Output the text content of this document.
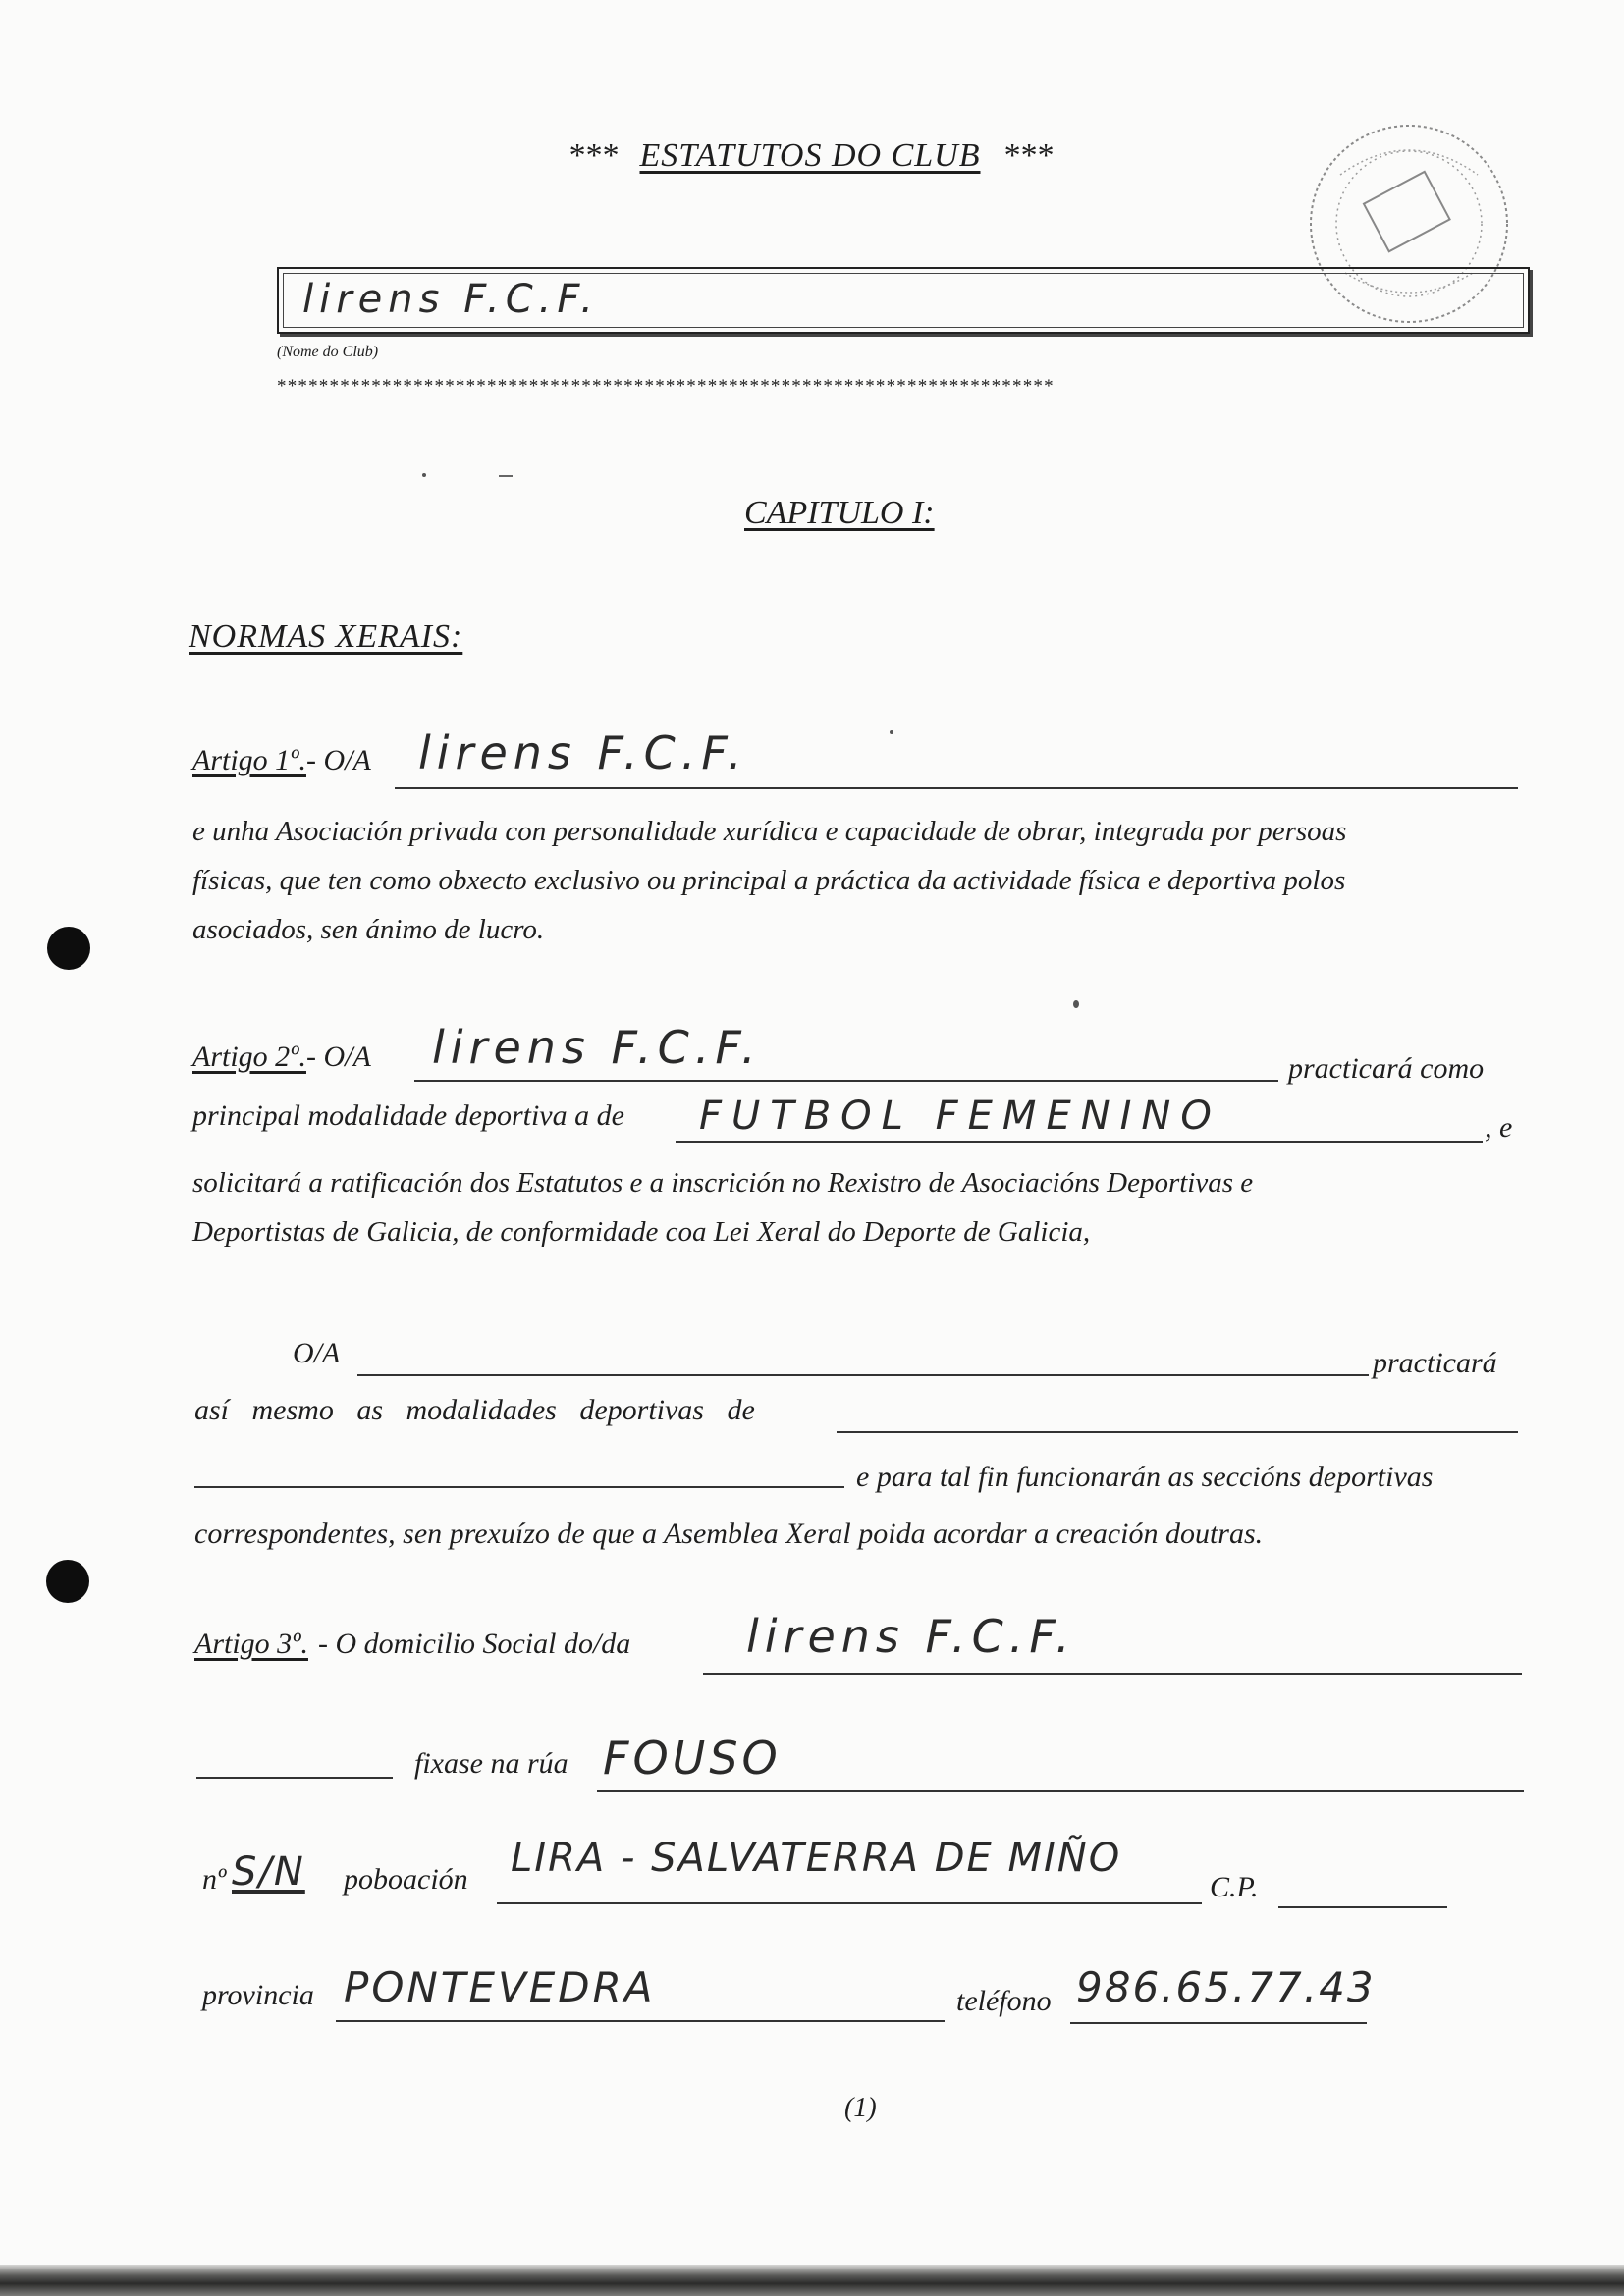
*** ESTATUTOS DO CLUB ***
lirens F.C.F.
(Nome do Club)
**************************************************************************
CAPITULO I:
NORMAS XERAIS:
Artigo 1º.- O/A lirens F.C.F.
e unha Asociación privada con personalidade xurídica e capacidade de obrar, integrada por persoas
físicas, que ten como obxecto exclusivo ou principal a práctica da actividade física e deportiva polos
asociados, sen ánimo de lucro.
Artigo 2º.- O/A lirens F.C.F.	practicará como
principal modalidade deportiva a de FUTBOL FEMENINO	, e
solicitará a ratificación dos Estatutos e a inscrición no Rexistro de Asociacións Deportivas e
Deportistas de Galicia, de conformidade coa Lei Xeral do Deporte de Galicia,
O/A	practicará
así mesmo as modalidades deportivas de
e para tal fin funcionarán as seccións deportivas
correspondentes, sen prexuízo de que a Asemblea Xeral poida acordar a creación doutras.
Artigo 3º. - O domicilio Social do/da	lirens F.C.F.
fixase na rúa FOUSO
nº S/N poboación LIRA - SALVATERRA DE MIÑO
C.P.
provincia PONTEVEDRA	teléfono 986.65.77.43
(1)
